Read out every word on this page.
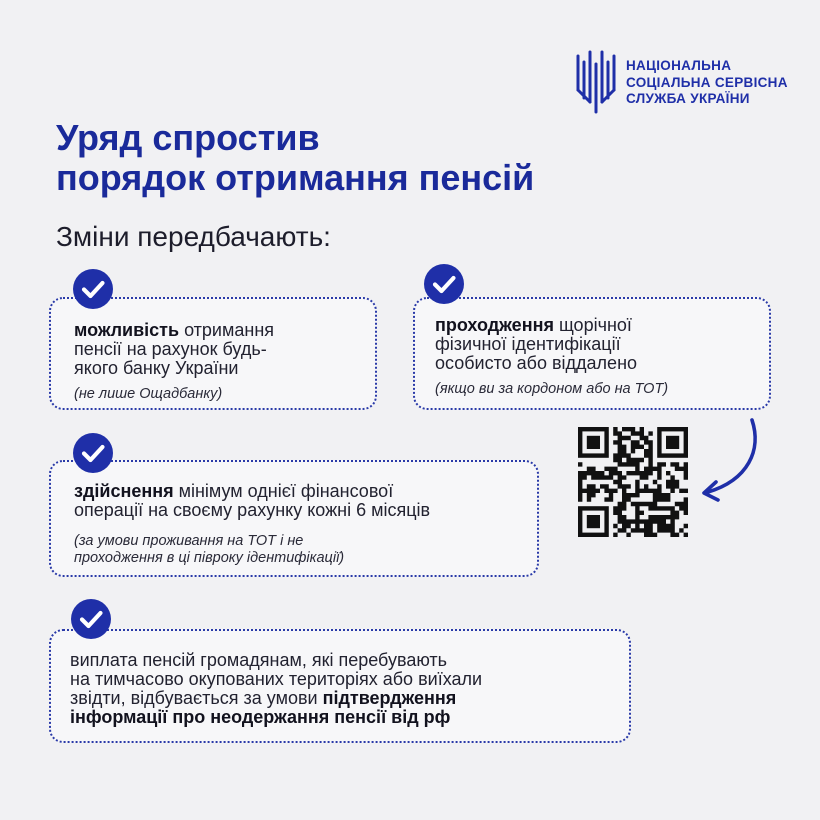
НАЦІОНАЛЬНА
СОЦІАЛЬНА СЕРВІСНА
СЛУЖБА УКРАЇНИ
Уряд спростив
порядок отримання пенсій
Зміни передбачають:
можливість отримання
пенсії на рахунок будь-
якого банку України
(не лише Ощадбанку)
проходження щорічної
фізичної ідентифікації
особисто або віддалено
(якщо ви за кордоном або на ТОТ)
здійснення мінімум однієї фінансової
операції на своєму рахунку кожні 6 місяців
(за умови проживання на ТОТ і не
проходження в ці півроку ідентифікації)
виплата пенсій громадянам, які перебувають
на тимчасово окупованих територіях або виїхали
звідти, відбувається за умови підтвердження
інформації про неодержання пенсії від рф
